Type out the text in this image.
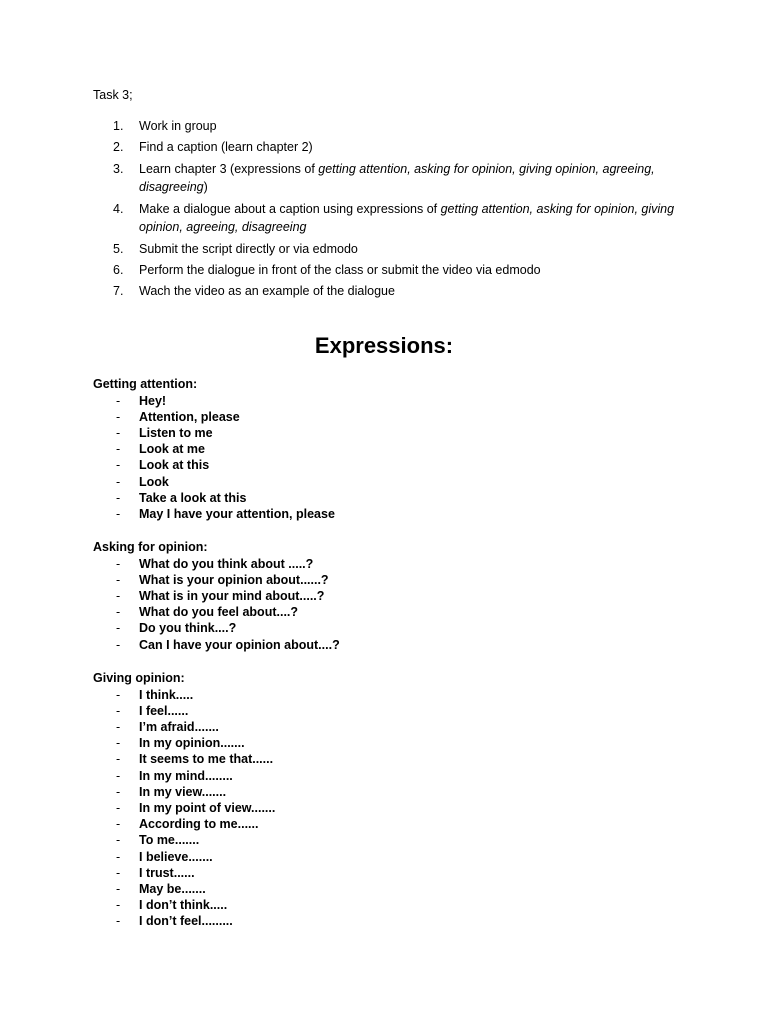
Task 3;

1. Work in group
2. Find a caption (learn chapter 2)
3. Learn chapter 3 (expressions of getting attention, asking for opinion, giving opinion, agreeing, disagreeing)
4. Make a dialogue about a caption using expressions of getting attention, asking for opinion, giving opinion, agreeing, disagreeing
5. Submit the script directly or via edmodo
6. Perform the dialogue in front of the class or submit the video via edmodo
7. Wach the video as an example of the dialogue
Expressions:

Getting attention:

- Hey!
- Attention, please
- Listen to me
- Look at me
- Look at this
- Look
- Take a look at this
- May I have your attention, please

Asking for opinion:

- What do you think about .....?
- What is your opinion about......?
- What is in your mind about.....?
- What do you feel about....?
- Do you think....?
- Can I have your opinion about....?

Giving opinion:

- I think.....
- I feel......
- I’m afraid.......
- In my opinion.......
- It seems to me that......
- In my mind........
- In my view.......
- In my point of view.......
- According to me......
- To me.......
- I believe.......
- I trust......
- May be.......
- I don’t think.....
- I don’t feel.........
